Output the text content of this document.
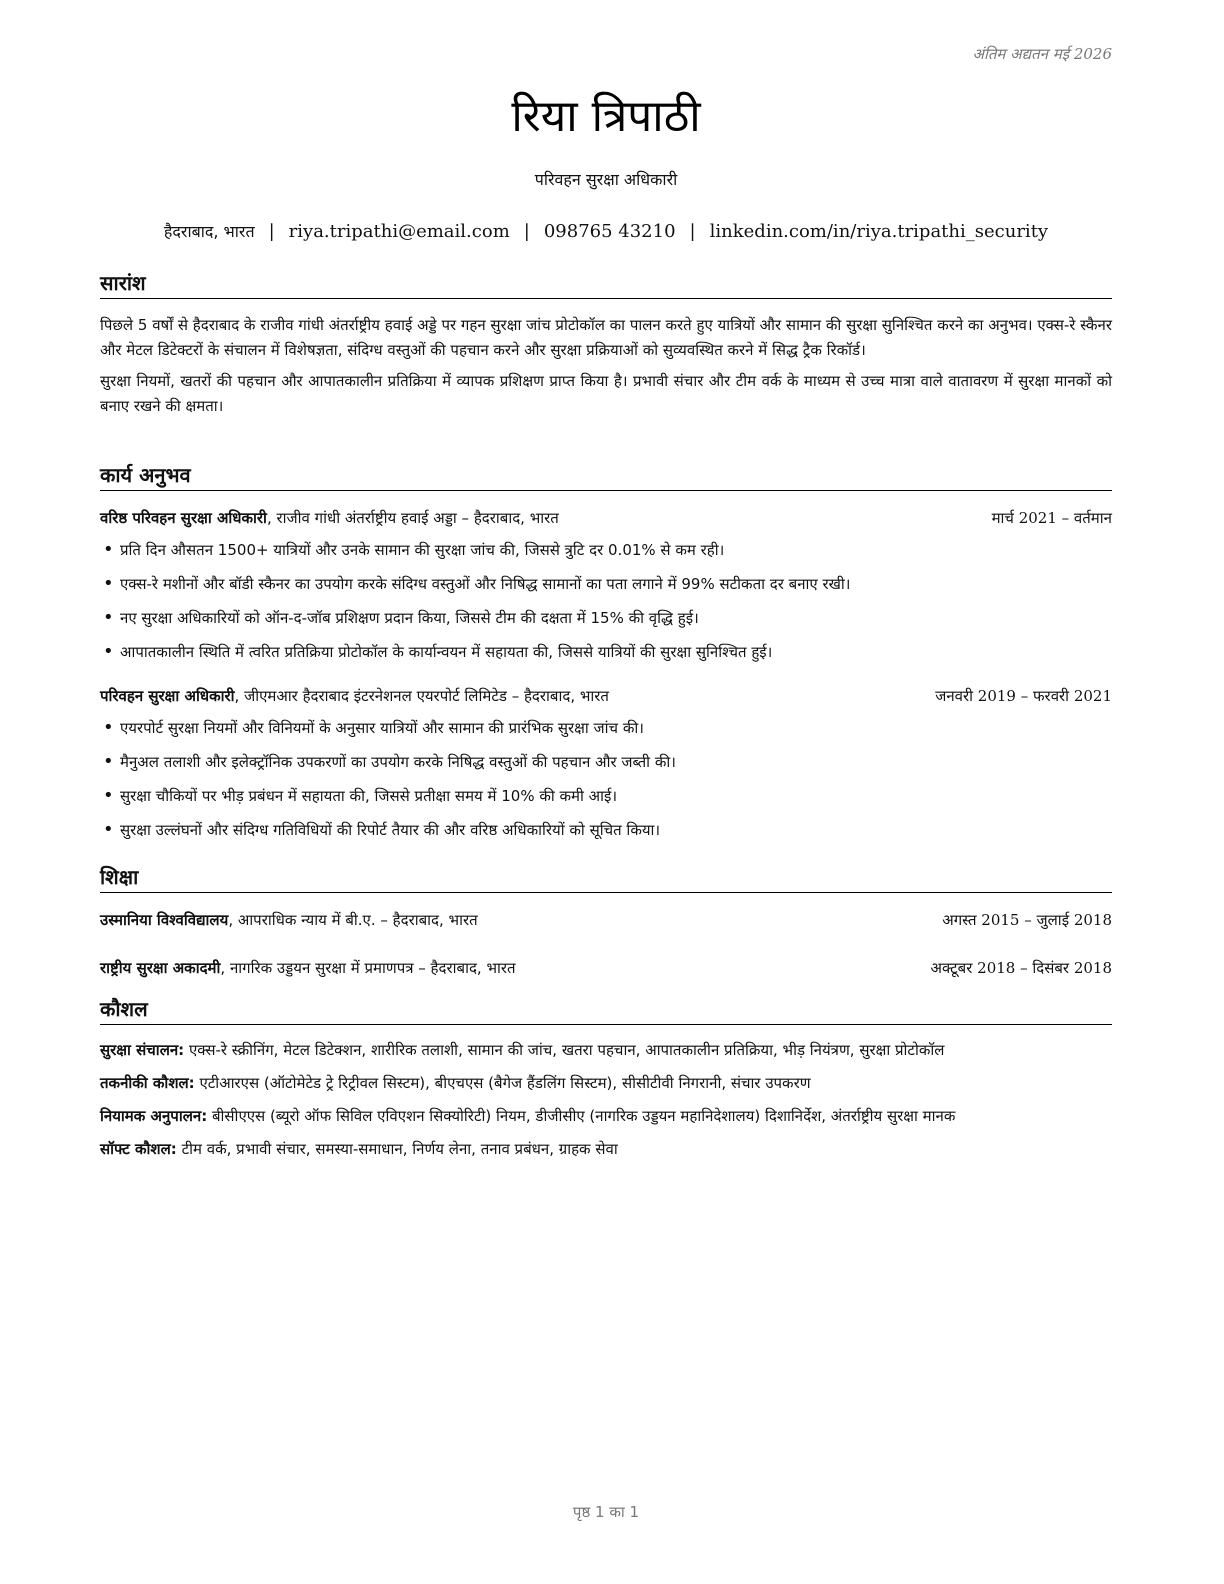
अंतिम अद्यतन मई 2026
रिया त्रिपाठी
परिवहन सुरक्षा अधिकारी
हैदराबाद, भारत | riya.tripathi@email.com | 098765 43210 | linkedin.com/in/riya.tripathi_security
सारांश

पिछले 5 वर्षों से हैदराबाद के राजीव गांधी अंतर्राष्ट्रीय हवाई अड्डे पर गहन सुरक्षा जांच प्रोटोकॉल का पालन करते हुए यात्रियों और सामान की सुरक्षा सुनिश्चित करने का अनुभव। एक्स-रे स्कैनर और मेटल डिटेक्टरों के संचालन में विशेषज्ञता, संदिग्ध वस्तुओं की पहचान करने और सुरक्षा प्रक्रियाओं को सुव्यवस्थित करने में सिद्ध ट्रैक रिकॉर्ड।

सुरक्षा नियमों, खतरों की पहचान और आपातकालीन प्रतिक्रिया में व्यापक प्रशिक्षण प्राप्त किया है। प्रभावी संचार और टीम वर्क के माध्यम से उच्च मात्रा वाले वातावरण में सुरक्षा मानकों को बनाए रखने की क्षमता।

कार्य अनुभव
वरिष्ठ परिवहन सुरक्षा अधिकारी, राजीव गांधी अंतर्राष्ट्रीय हवाई अड्डा – हैदराबाद, भारत	मार्च 2021 – वर्तमान
• प्रति दिन औसतन 1500+ यात्रियों और उनके सामान की सुरक्षा जांच की, जिससे त्रुटि दर 0.01% से कम रही।
• एक्स-रे मशीनों और बॉडी स्कैनर का उपयोग करके संदिग्ध वस्तुओं और निषिद्ध सामानों का पता लगाने में 99% सटीकता दर बनाए रखी।
• नए सुरक्षा अधिकारियों को ऑन-द-जॉब प्रशिक्षण प्रदान किया, जिससे टीम की दक्षता में 15% की वृद्धि हुई।
• आपातकालीन स्थिति में त्वरित प्रतिक्रिया प्रोटोकॉल के कार्यान्वयन में सहायता की, जिससे यात्रियों की सुरक्षा सुनिश्चित हुई।
परिवहन सुरक्षा अधिकारी, जीएमआर हैदराबाद इंटरनेशनल एयरपोर्ट लिमिटेड – हैदराबाद, भारत	जनवरी 2019 – फरवरी 2021
• एयरपोर्ट सुरक्षा नियमों और विनियमों के अनुसार यात्रियों और सामान की प्रारंभिक सुरक्षा जांच की।
• मैनुअल तलाशी और इलेक्ट्रॉनिक उपकरणों का उपयोग करके निषिद्ध वस्तुओं की पहचान और जब्ती की।
• सुरक्षा चौकियों पर भीड़ प्रबंधन में सहायता की, जिससे प्रतीक्षा समय में 10% की कमी आई।
• सुरक्षा उल्लंघनों और संदिग्ध गतिविधियों की रिपोर्ट तैयार की और वरिष्ठ अधिकारियों को सूचित किया।
शिक्षा
उस्मानिया विश्वविद्यालय, आपराधिक न्याय में बी.ए. – हैदराबाद, भारत	अगस्त 2015 – जुलाई 2018
राष्ट्रीय सुरक्षा अकादमी, नागरिक उड्डयन सुरक्षा में प्रमाणपत्र – हैदराबाद, भारत	अक्टूबर 2018 – दिसंबर 2018
कौशल

सुरक्षा संचालन: एक्स-रे स्क्रीनिंग, मेटल डिटेक्शन, शारीरिक तलाशी, सामान की जांच, खतरा पहचान, आपातकालीन प्रतिक्रिया, भीड़ नियंत्रण, सुरक्षा प्रोटोकॉल

तकनीकी कौशल: एटीआरएस (ऑटोमेटेड ट्रे रिट्रीवल सिस्टम), बीएचएस (बैगेज हैंडलिंग सिस्टम), सीसीटीवी निगरानी, संचार उपकरण

नियामक अनुपालन: बीसीएएस (ब्यूरो ऑफ सिविल एविएशन सिक्योरिटी) नियम, डीजीसीए (नागरिक उड्डयन महानिदेशालय) दिशानिर्देश, अंतर्राष्ट्रीय सुरक्षा मानक

सॉफ्ट कौशल: टीम वर्क, प्रभावी संचार, समस्या-समाधान, निर्णय लेना, तनाव प्रबंधन, ग्राहक सेवा

पृष्ठ 1 का 1
